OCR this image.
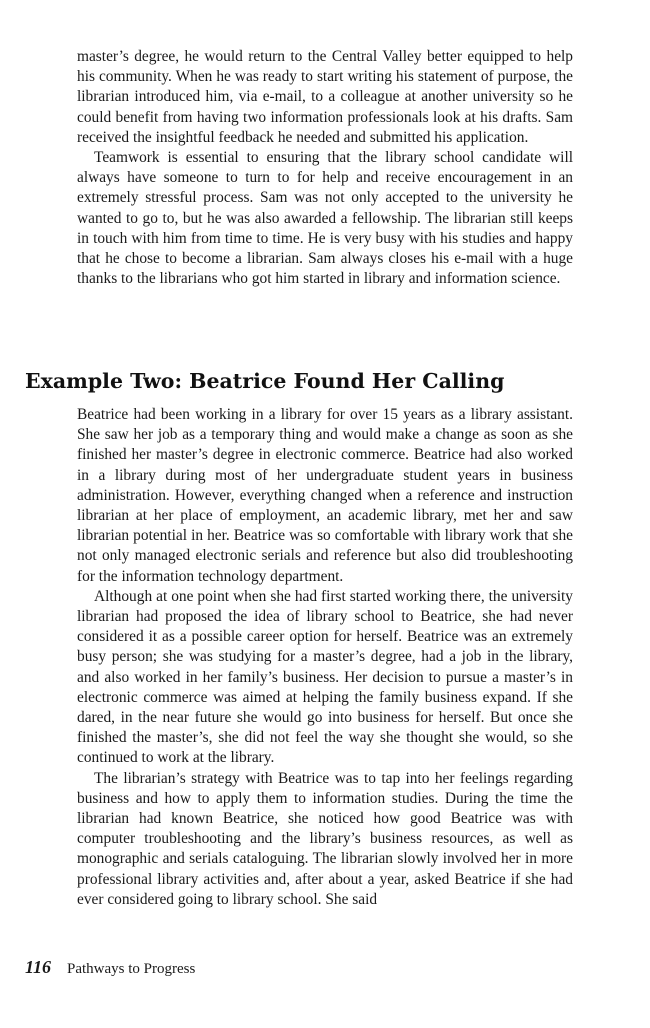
master’s degree, he would return to the Central Valley better equipped to help his community. When he was ready to start writing his statement of purpose, the librarian introduced him, via e-mail, to a colleague at another university so he could benefit from having two information professionals look at his drafts. Sam received the insightful feedback he needed and submitted his application.

Teamwork is essential to ensuring that the library school candidate will always have someone to turn to for help and receive encouragement in an extremely stressful process. Sam was not only accepted to the university he wanted to go to, but he was also awarded a fellowship. The librarian still keeps in touch with him from time to time. He is very busy with his studies and happy that he chose to become a librarian. Sam always closes his e-mail with a huge thanks to the librarians who got him started in library and information science.

Example Two: Beatrice Found Her Calling

Beatrice had been working in a library for over 15 years as a library assistant. She saw her job as a temporary thing and would make a change as soon as she finished her master’s degree in electronic commerce. Beatrice had also worked in a library during most of her undergraduate student years in business administration. However, everything changed when a reference and instruction librarian at her place of employment, an academic library, met her and saw librarian potential in her. Beatrice was so comfortable with library work that she not only managed electronic serials and reference but also did troubleshooting for the information technology department.

Although at one point when she had first started working there, the university librarian had proposed the idea of library school to Beatrice, she had never considered it as a possible career option for herself. Beatrice was an extremely busy person; she was studying for a master’s degree, had a job in the library, and also worked in her family’s business. Her decision to pursue a master’s in electronic commerce was aimed at helping the family business expand. If she dared, in the near future she would go into business for herself. But once she finished the master’s, she did not feel the way she thought she would, so she continued to work at the library.

The librarian’s strategy with Beatrice was to tap into her feelings regarding business and how to apply them to information studies. During the time the librarian had known Beatrice, she noticed how good Beatrice was with computer troubleshooting and the library’s business resources, as well as monographic and serials cataloguing. The librarian slowly involved her in more professional library activities and, after about a year, asked Beatrice if she had ever considered going to library school. She said

116 Pathways to Progress
